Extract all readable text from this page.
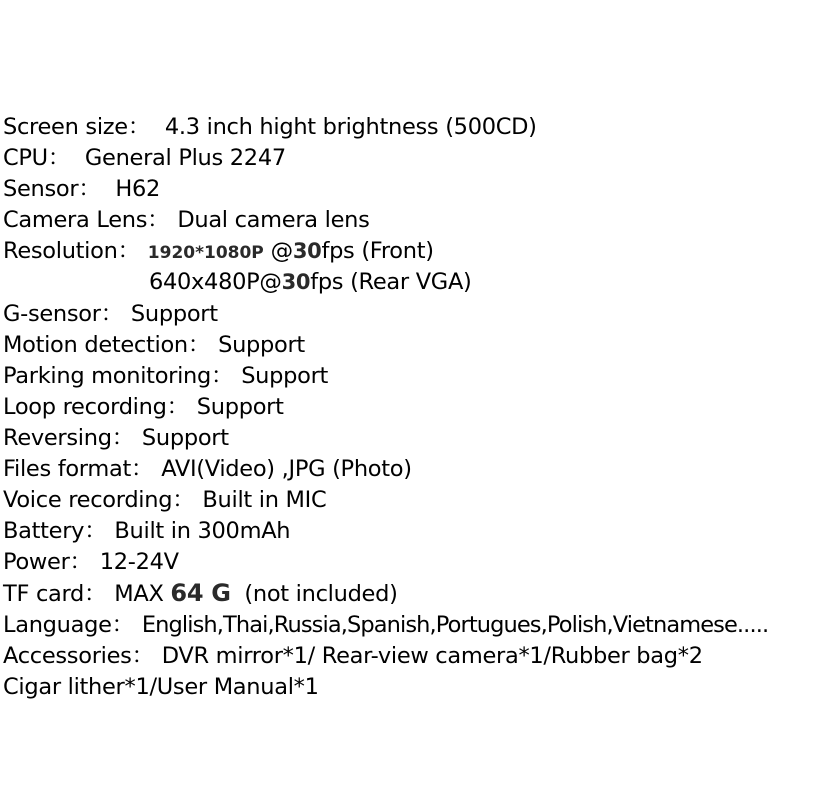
Screen size： 4.3 inch hight brightness (500CD)
CPU： General Plus 2247
Sensor： H62
Camera Lens： Dual camera lens
Resolution： 1920*1080P @30fps (Front)
640x480P@30fps (Rear VGA)
G-sensor： Support
Motion detection： Support
Parking monitoring： Support
Loop recording： Support
Reversing： Support
Files format： AVI(Video) ,JPG (Photo)
Voice recording： Built in MIC
Battery： Built in 300mAh
Power： 12-24V
TF card： MAX 64 G  (not included)
Language： English,Thai,Russia,Spanish,Portugues,Polish,Vietnamese.....
Accessories： DVR mirror*1/ Rear-view camera*1/Rubber bag*2
Cigar lither*1/User Manual*1
